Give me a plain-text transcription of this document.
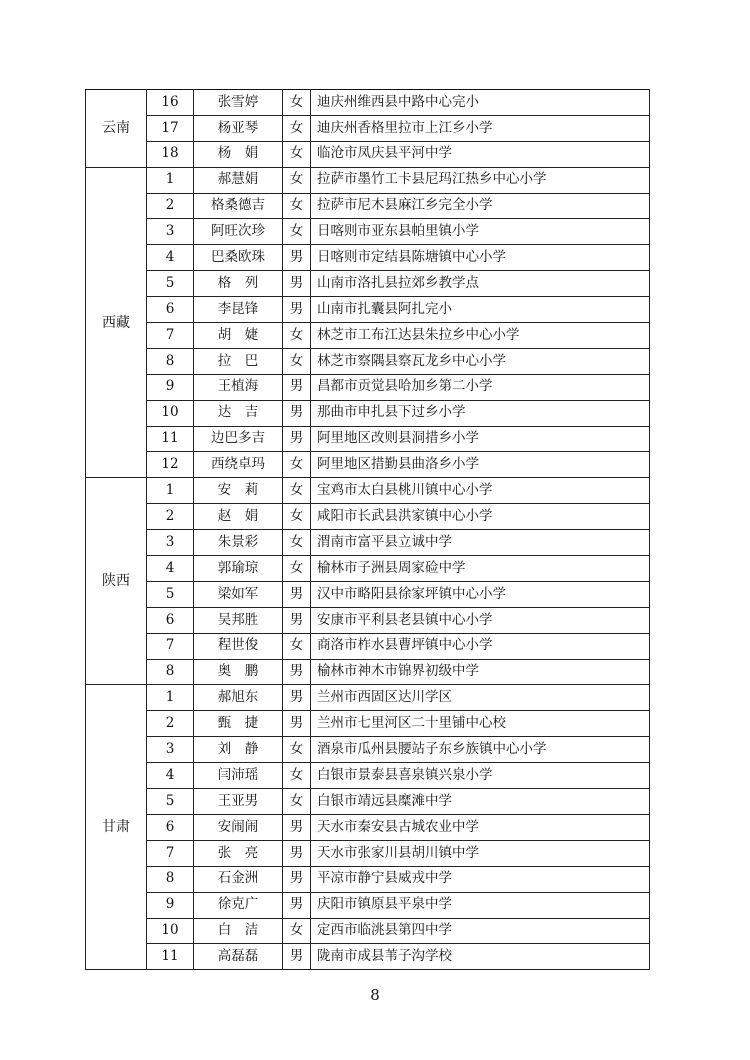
云南	16	张雪婷	女	迪庆州维西县中路中心完小
	17	杨亚琴	女	迪庆州香格里拉市上江乡小学
	18	杨　娟	女	临沧市凤庆县平河中学
西藏	1	郝慧娟	女	拉萨市墨竹工卡县尼玛江热乡中心小学
	2	格桑德吉	女	拉萨市尼木县麻江乡完全小学
	3	阿旺次珍	女	日喀则市亚东县帕里镇小学
	4	巴桑欧珠	男	日喀则市定结县陈塘镇中心小学
	5	格　列	男	山南市洛扎县拉郊乡教学点
	6	李昆锋	男	山南市扎囊县阿扎完小
	7	胡　婕	女	林芝市工布江达县朱拉乡中心小学
	8	拉　巴	女	林芝市察隅县察瓦龙乡中心小学
	9	王植海	男	昌都市贡觉县哈加乡第二小学
	10	达　吉	男	那曲市申扎县下过乡小学
	11	边巴多吉	男	阿里地区改则县洞措乡小学
	12	西绕卓玛	女	阿里地区措勤县曲洛乡小学
陕西	1	安　莉	女	宝鸡市太白县桃川镇中心小学
	2	赵　娟	女	咸阳市长武县洪家镇中心小学
	3	朱景彩	女	渭南市富平县立诚中学
	4	郭瑜琼	女	榆林市子洲县周家硷中学
	5	梁如军	男	汉中市略阳县徐家坪镇中心小学
	6	吴邦胜	男	安康市平利县老县镇中心小学
	7	程世俊	女	商洛市柞水县曹坪镇中心小学
	8	奥　鹏	男	榆林市神木市锦界初级中学
甘肃	1	郝旭东	男	兰州市西固区达川学区
	2	甄　捷	男	兰州市七里河区二十里铺中心校
	3	刘　静	女	酒泉市瓜州县腰站子东乡族镇中心小学
	4	闫沛瑶	女	白银市景泰县喜泉镇兴泉小学
	5	王亚男	女	白银市靖远县糜滩中学
	6	安闹闹	男	天水市秦安县古城农业中学
	7	张　亮	男	天水市张家川县胡川镇中学
	8	石金洲	男	平凉市静宁县威戎中学
	9	徐克广	男	庆阳市镇原县平泉中学
	10	白　洁	女	定西市临洮县第四中学
	11	高磊磊	男	陇南市成县苇子沟学校
8
